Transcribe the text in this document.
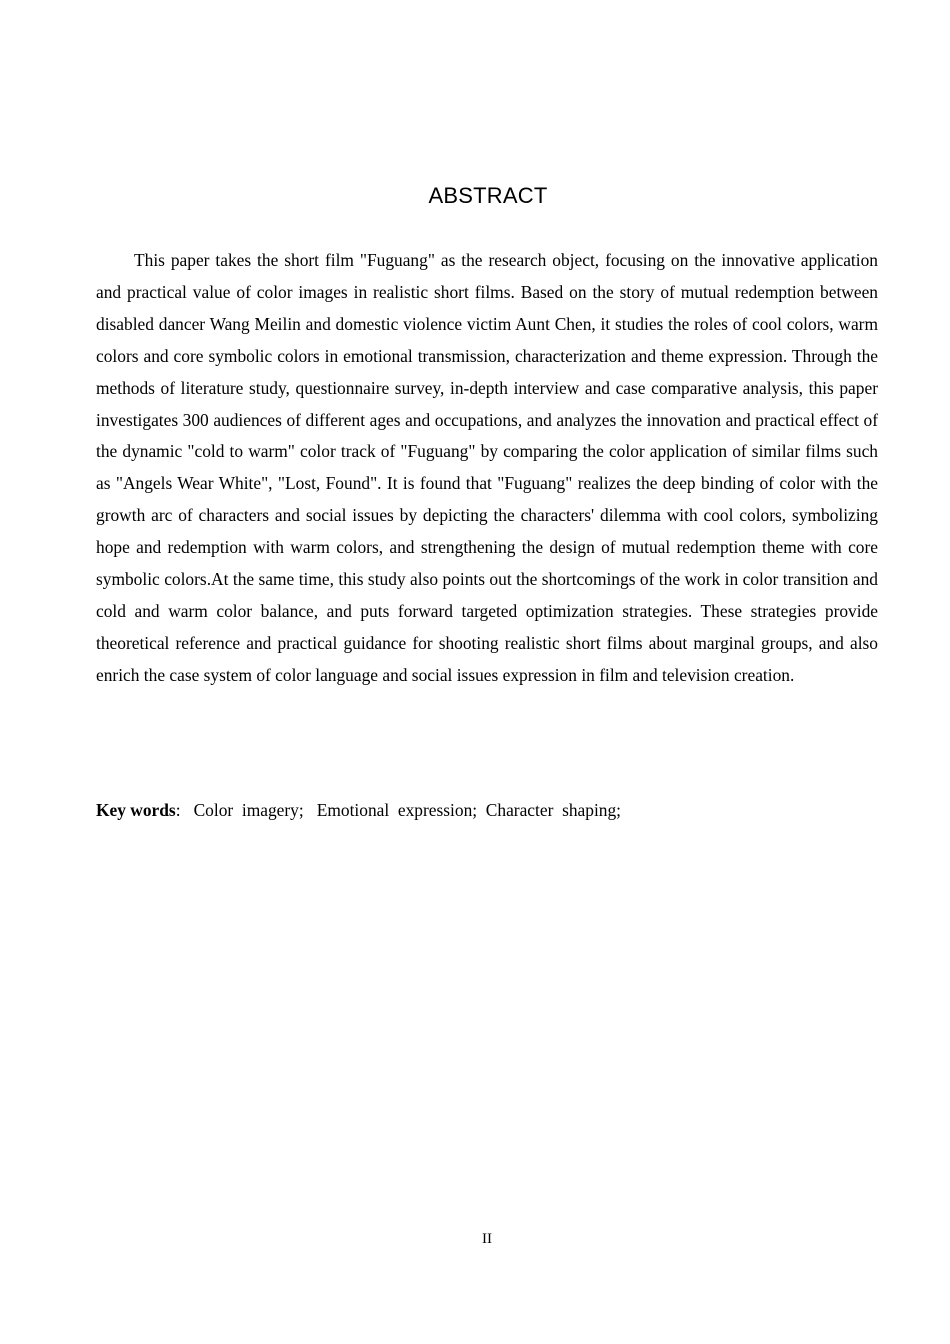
ABSTRACT

This paper takes the short film "Fuguang" as the research object, focusing on the innovative application and practical value of color images in realistic short films. Based on the story of mutual redemption between disabled dancer Wang Meilin and domestic violence victim Aunt Chen, it studies the roles of cool colors, warm colors and core symbolic colors in emotional transmission, characterization and theme expression. Through the methods of literature study, questionnaire survey, in-depth interview and case comparative analysis, this paper investigates 300 audiences of different ages and occupations, and analyzes the innovation and practical effect of the dynamic "cold to warm" color track of "Fuguang" by comparing the color application of similar films such as "Angels Wear White", "Lost, Found". It is found that "Fuguang" realizes the deep binding of color with the growth arc of characters and social issues by depicting the characters' dilemma with cool colors, symbolizing hope and redemption with warm colors, and strengthening the design of mutual redemption theme with core symbolic colors.At the same time, this study also points out the shortcomings of the work in color transition and cold and warm color balance, and puts forward targeted optimization strategies. These strategies provide theoretical reference and practical guidance for shooting realistic short films about marginal groups, and also enrich the case system of color language and social issues expression in film and television creation.

Key words:   Color  imagery;   Emotional  expression;  Character  shaping;

II
